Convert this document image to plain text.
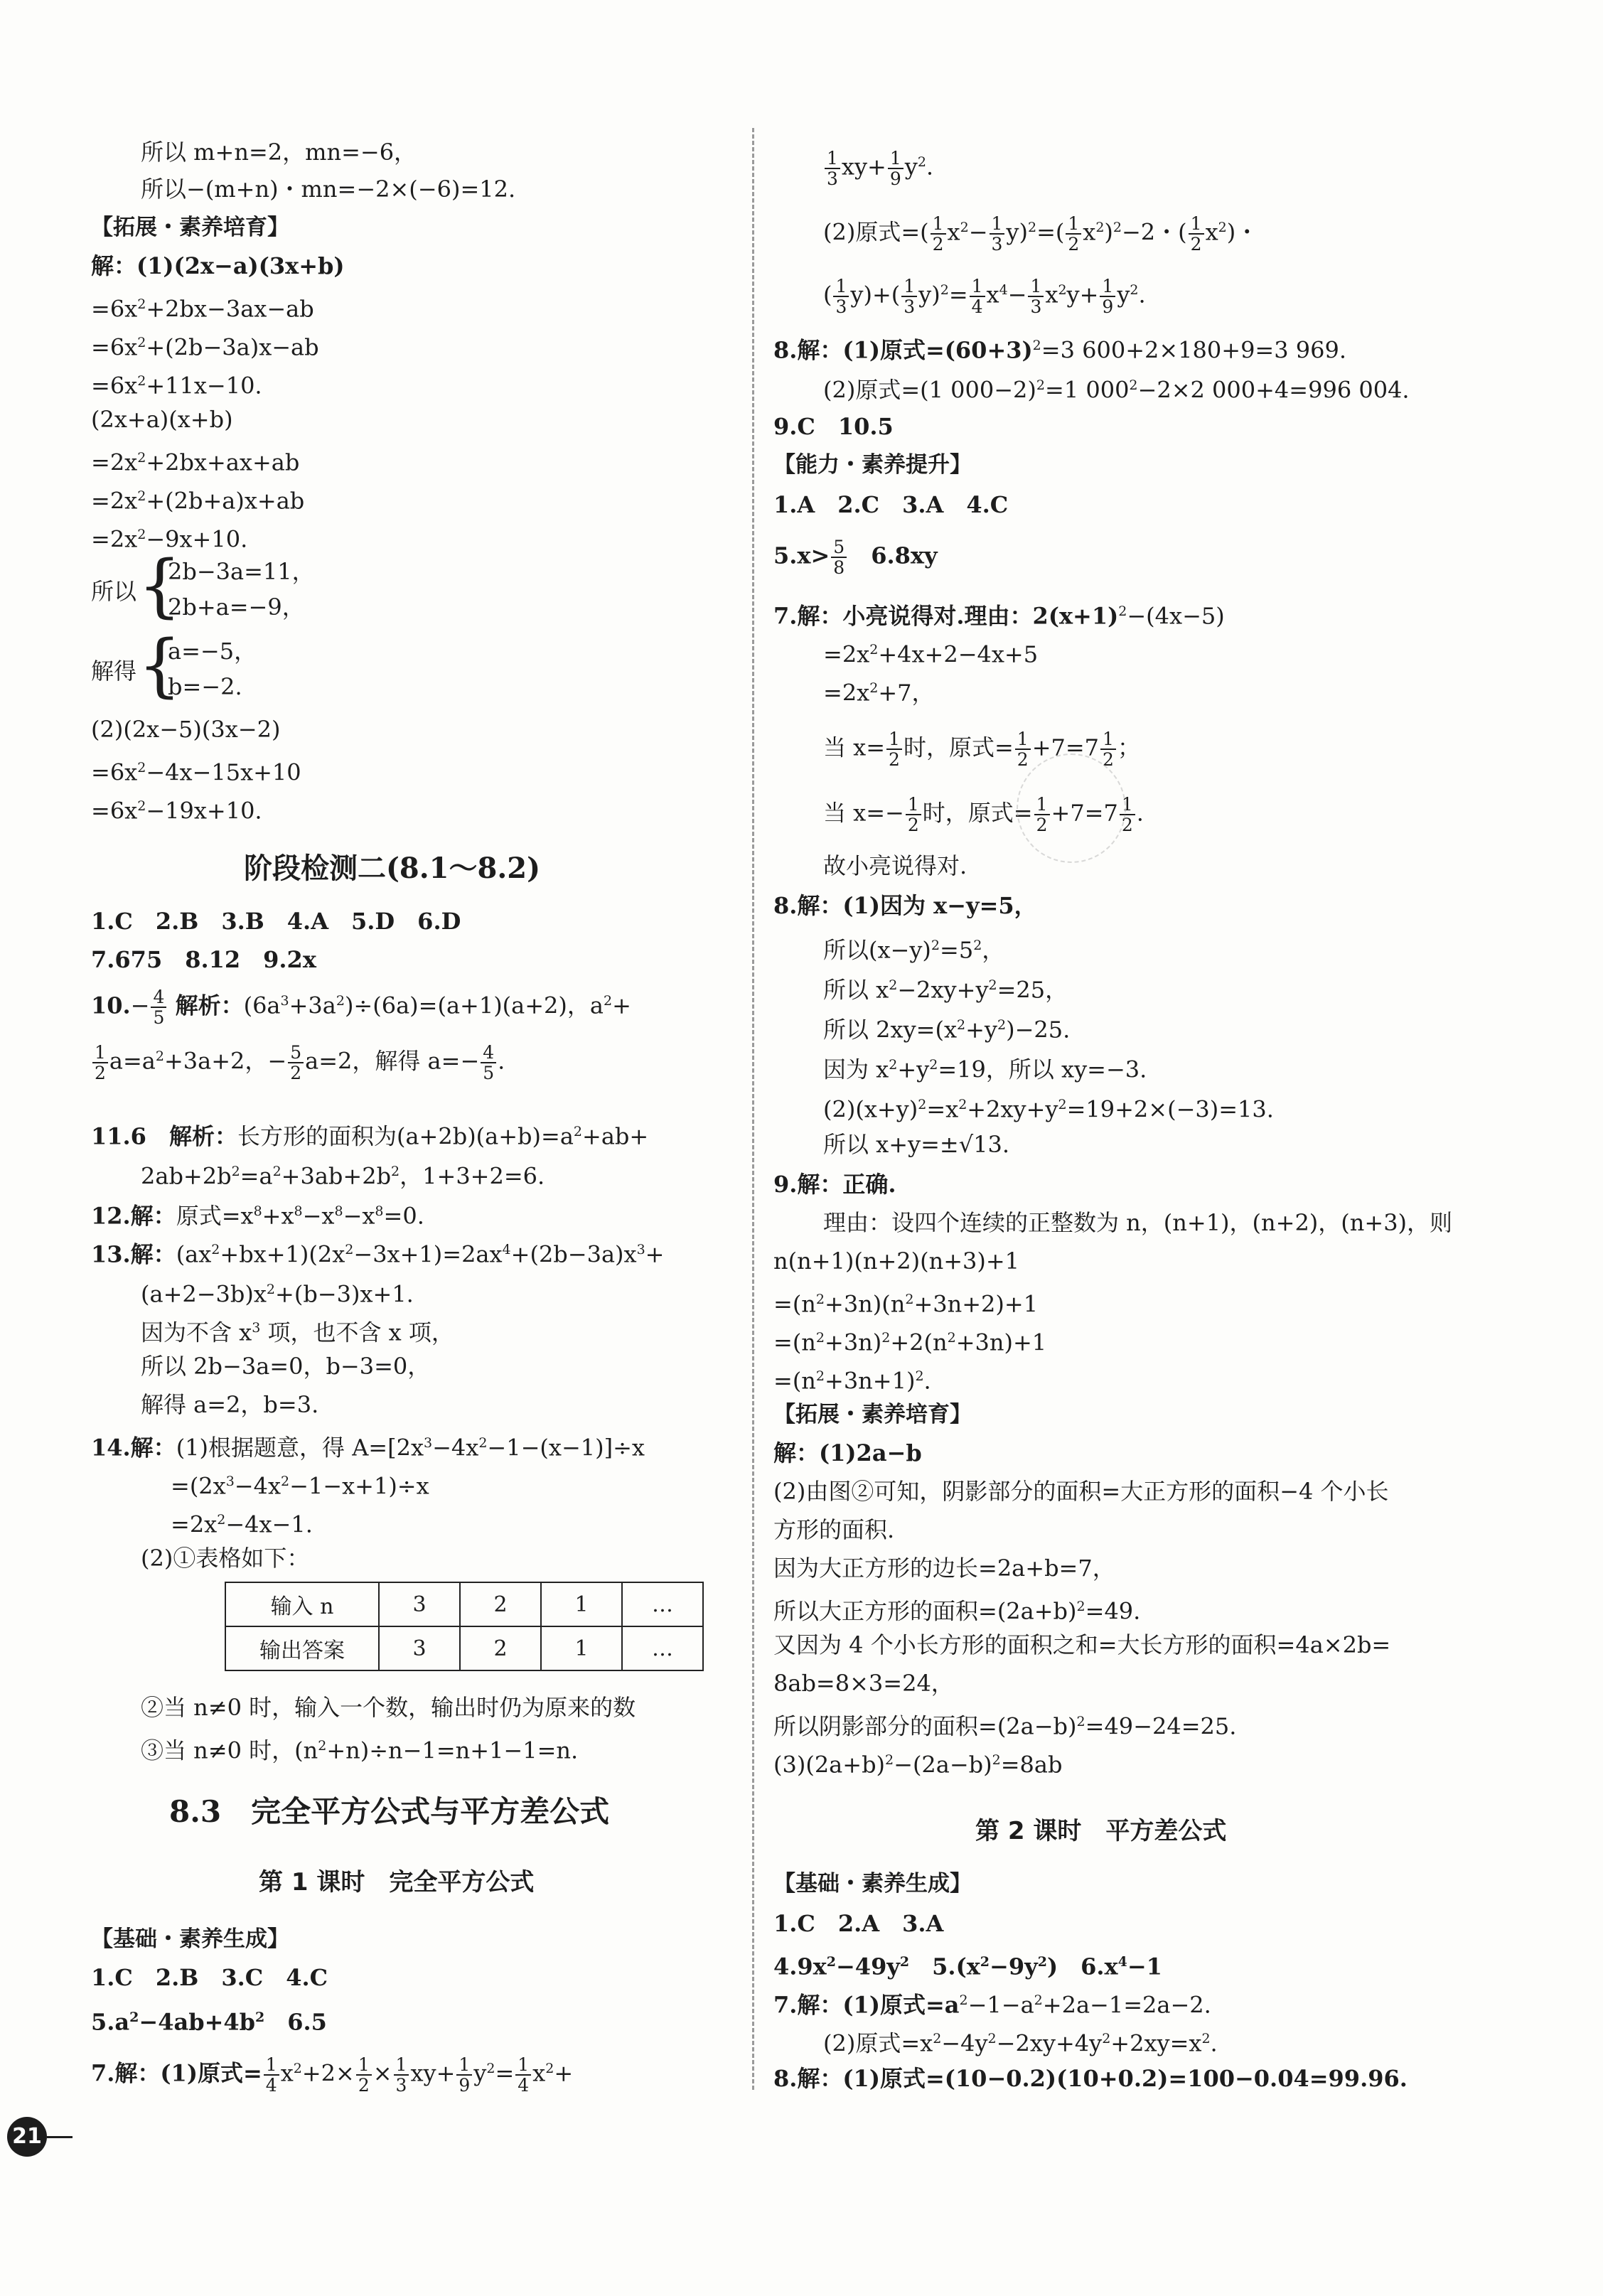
所以 m+n=2，mn=−6，
所以−(m+n)・mn=−2×(−6)=12.
【拓展・素养培育】
解：(1)(2x−a)(3x+b)
$=6x^2+2bx-3ax-ab$
$=6x^2+(2b-3a)x-ab$
$=6x^2+11x-10$.
(2x+a)(x+b)
$=2x^2+2bx+ax+ab$
$=2x^2+(2b+a)x+ab$
$=2x^2-9x+10$.
所以 {
2b−3a=11，
2b+a=−9，
解得 {
a=−5，
b=−2.
(2)(2x−5)(3x−2)
$=6x^2-4x-15x+10$
$=6x^2-19x+10$.
阶段检测二(8.1～8.2)
1.C　2.B　3.B　4.A　5.D　6.D
7.675　8.12　9.2x
$10.- \frac{4}{5}$ 解析：$(6a^3+3a^2)\div(6a)=(a+1)(a+2)$，$a^2+$
$\frac{1}{2} a=a^2+3a+2$，− $\frac{5}{2} a=2$，解得 $a=- \frac{4}{5}$ .
11.6　 解析：长方形的面积为$(a+2b)(a+b)=a^2+ab+$
$2ab+2b^2=a^2+3ab+2b^2$，1+3+2=6.
12.解：原式$=x^8+x^8-x^8-x^8=0$.
13.解：$(ax^2+bx+1)(2x^2-3x+1)=2ax^4+(2b-3a)x^3+$
$(a+2-3b)x^2+(b-3)x+1$.
因为不含 $x^3$ 项，也不含 x 项，
所以 2b−3a=0，b−3=0，
解得 a=2，b=3.
14.解：(1)根据题意，得 $A=[2x^3-4x^2-1-(x-1)]\div x$
$=(2x^3-4x^2-1-x+1)\div x$
$=2x^2-4x-1$.
(2)①表格如下：
输入 n	3	2	1	…
输出答案	3	2	1	…
②当 n≠0 时，输入一个数，输出时仍为原来的数
③当 n≠0 时，$(n^2+n)\div n-1=n+1-1=n$.
8.3　完全平方公式与平方差公式
第 1 课时　完全平方公式
【基础・素养生成】
1.C　2.B　3.C　4.C
$5.a^2-4ab+4b^2$　6.5
7.解：(1)原式= $\frac{1}{4} x^2+2\times \frac{1}{2} \times \frac{1}{3} xy+ \frac{1}{9} y^2= \frac{1}{4} x^2+$
$\frac{1}{3} xy+ \frac{1}{9} y^2$.
(2)原式=( $\frac{1}{2} x^2- \frac{1}{3} y)^2=( \frac{1}{2} x^2)^2-2$・( $\frac{1}{2} x^2$)・
( $\frac{1}{3} y)+( \frac{1}{3} y)^2= \frac{1}{4} x^4- \frac{1}{3} x^2y+ \frac{1}{9} y^2$.
8.解：(1)原式$=(60+3)^2=3$ 600+2×180+9=3 969.
(2)原式=(1 000−2)$^2$=1 $000^2-2\times 2$ 000+4=996 004.
9.C　10.5
【能力・素养提升】
1.A　2.C　3.A　4.C
$5.x> \frac{5}{8}$ 　6.8xy
7.解：小亮说得对.理由：$2(x+1)^2-(4x-5)$
$=2x^2+4x+2-4x+5$
$=2x^2+7$，
当 $x= \frac{1}{2}$ 时，原式= $\frac{1}{2} +7=7 \frac{1}{2}$ ；
当 $x=- \frac{1}{2}$ 时，原式= $\frac{1}{2} +7=7 \frac{1}{2}$ .
故小亮说得对.
8.解：(1)因为 x−y=5，
所以$(x-y)^2=5^2$，
所以 $x^2-2xy+y^2=25$，
所以 $2xy=(x^2+y^2)-25$.
因为 $x^2+y^2=19$，所以 xy=−3.
$(2)(x+y)^2=x^2+2xy+y^2=19+2\times(-3)=13$.
所以 x+y=±√13.
9.解：正确.
理由：设四个连续的正整数为 n，(n+1)，(n+2)，(n+3)，则
n(n+1)(n+2)(n+3)+1
$=(n^2+3n)(n^2+3n+2)+1$
$=(n^2+3n)^2+2(n^2+3n)+1$
$=(n^2+3n+1)^2$.
【拓展・素养培育】
解：(1)2a−b
(2)由图②可知，阴影部分的面积=大正方形的面积−4 个小长
方形的面积.
因为大正方形的边长=2a+b=7，
所以大正方形的面积$=(2a+b)^2=49$.
又因为 4 个小长方形的面积之和=大长方形的面积=4a×2b=
8ab=8×3=24，
所以阴影部分的面积$=(2a-b)^2=49-24=25$.
$(3)(2a+b)^2-(2a-b)^2=8ab$
第 2 课时　平方差公式
【基础・素养生成】
1.C　2.A　3.A
$4.9x^2-49y^2$　$5.(x^2-9y^2)$　$6.x^4-1$
7.解：(1)原式$=a^2-1-a^2+2a-1=2a-2$.
(2)原式$=x^2-4y^2-2xy+4y^2+2xy=x^2$.
8.解：(1)原式=(10−0.2)(10+0.2)=100−0.04=99.96.
21
